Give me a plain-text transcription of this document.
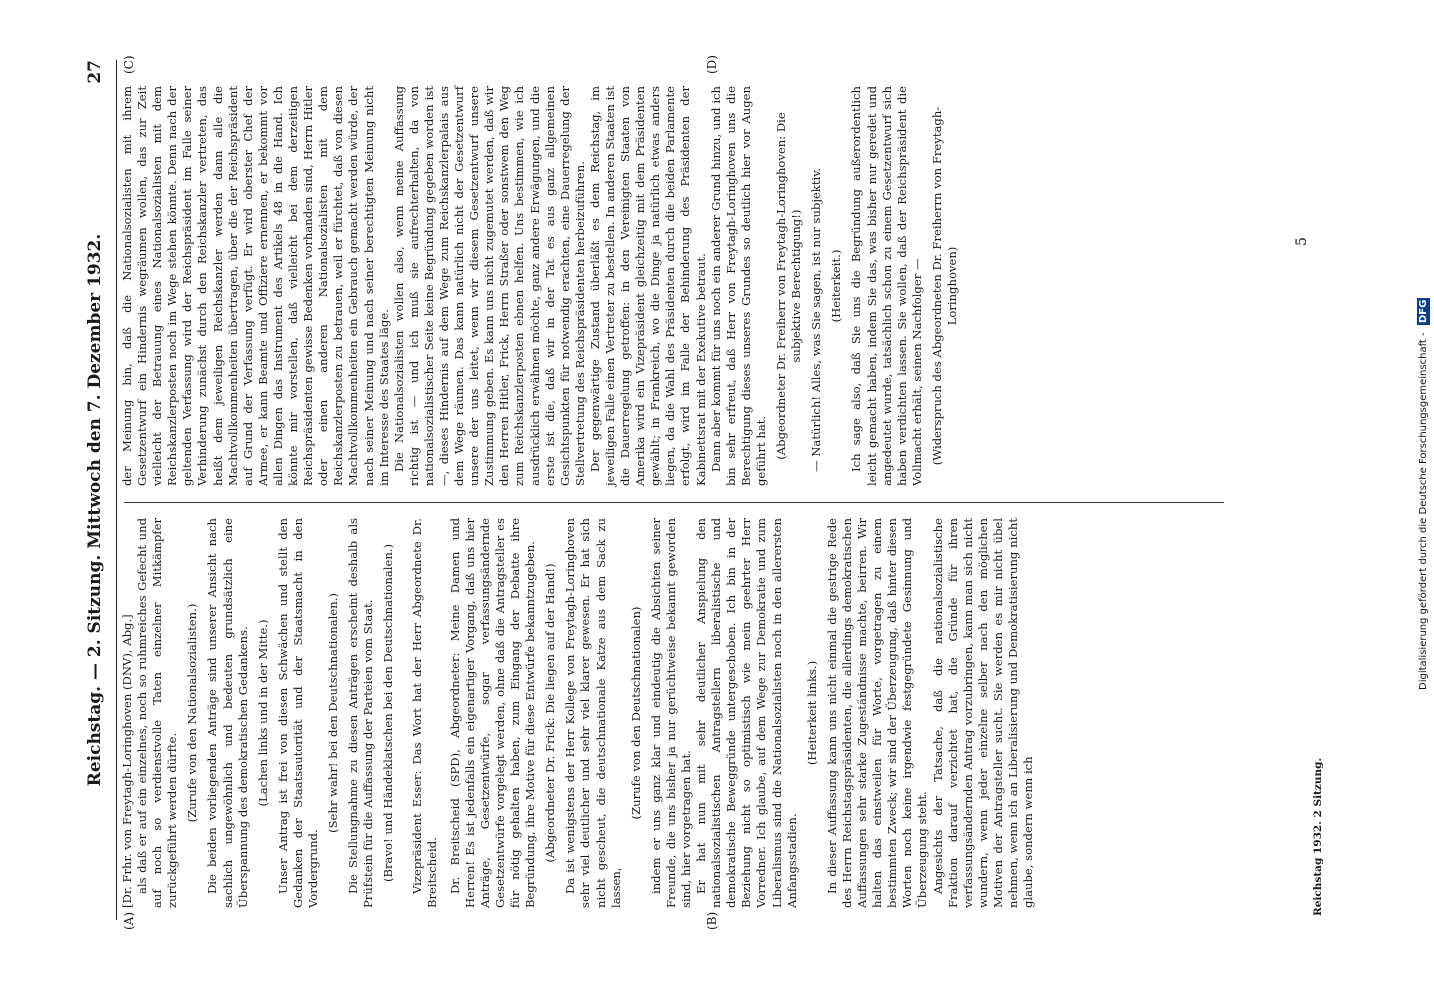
Reichstag. — 2. Sitzung. Mittwoch den 7. Dezember 1932.
27
(A)	(B)
(C)	(D)

[Dr. Frhr. von Freytagh-Loringhoven (DNV), Abg.] als daß er auf ein einzelnes, noch so ruhmreiches Gefecht und auf noch so verdienstvolle Taten einzelner Mitkämpfer zurückgeführt werden dürfte. (Zurufe von den Nationalsozialisten.) Die beiden vorliegenden Anträge sind unserer Ansicht nach sachlich ungewöhnlich und bedeuten grundsätzlich eine Überspannung des demokratischen Gedankens. (Lachen links und in der Mitte.) Unser Antrag ist frei von diesen Schwächen und stellt den Gedanken der Staatsautorität und der Staatsmacht in den Vordergrund.

(Sehr wahr! bei den Deutschnationalen.) Die Stellungnahme zu diesen Anträgen erscheint deshalb als Prüfstein für die Auffassung der Parteien vom Staat. (Bravo! und Händeklatschen bei den Deutschnationalen.) Vizepräsident Esser: Das Wort hat der Herr Abgeordnete Dr. Breitscheid. Dr. Breitscheid (SPD), Abgeordneter: Meine Damen und Herren! Es ist jedenfalls ein eigenartiger Vorgang, daß uns hier Anträge, Gesetzentwürfe, sogar verfassungsändernde Gesetzentwürfe vorgelegt werden, ohne daß die Antragsteller es für nötig gehalten haben, zum Eingang der Debatte ihre Begründung, ihre Motive für diese Entwürfe bekanntzugeben. (Abgeordneter Dr. Frick: Die liegen auf der Hand!) Da ist wenigstens der Herr Kollege von Freytagh-Loringhoven sehr viel deutlicher und sehr viel klarer gewesen. Er hat sich nicht gescheut, die deutschnationale Katze aus dem Sack zu lassen,

(Zurufe von den Deutschnationalen) indem er uns ganz klar und eindeutig die Absichten seiner Freunde, die uns bisher ja nur gerüchtweise bekannt geworden sind, hier vorgetragen hat. Er hat nun mit sehr deutlicher Anspielung den nationalsozialistischen Antragstellern liberalistische und demokratische Beweggründe untergeschoben. Ich bin in der Beziehung nicht so optimistisch wie mein geehrter Herr Vorredner. Ich glaube, auf dem Wege zur Demokratie und zum Liberalismus sind die Nationalsozialisten noch in den allerersten Anfangsstadien.

(Heiterkeit links.) In dieser Auffassung kann uns nicht einmal die gestrige Rede des Herrn Reichstagspräsidenten, die allerdings demokratischen Auffassungen sehr starke Zugeständnisse machte, beirren. Wir halten das einstweilen für Worte, vorgetragen zu einem bestimmten Zweck; wir sind der Überzeugung, daß hinter diesen Worten noch keine irgendwie festgegründete Gesinnung und Überzeugung steht. Angesichts der Tatsache, daß die nationalsozialistische Fraktion darauf verzichtet hat, die Gründe für ihren verfassungsändernden Antrag vorzubringen, kann man sich nicht wundern, wenn jeder einzelne selber nach den möglichen Motiven der Antragsteller sucht. Sie werden es mir nicht übel nehmen, wenn ich an Liberalisierung und Demokratisierung nicht glaube, sondern wenn ich

der Meinung bin, daß die Nationalsozialisten mit ihrem Gesetzentwurf ein Hindernis wegräumen wollen, das zur Zeit vielleicht der Betrauung eines Nationalsozialisten mit dem Reichskanzlerposten noch im Wege stehen könnte. Denn nach der geltenden Verfassung wird der Reichspräsident im Falle seiner Verhinderung zunächst durch den Reichskanzler vertreten, das heißt dem jeweiligen Reichskanzler werden dann alle die Machtvollkommenheiten übertragen, über die der Reichspräsident auf Grund der Verfassung verfügt. Er wird oberster Chef der Armee, er kann Beamte und Offiziere ernennen, er bekommt vor allen Dingen das Instrument des Artikels 48 in die Hand. Ich könnte mir vorstellen, daß vielleicht bei dem derzeitigen Reichspräsidenten gewisse Bedenken vorhanden sind, Herrn Hitler oder einen anderen Nationalsozialisten mit dem Reichskanzlerposten zu betrauen, weil er fürchtet, daß von diesen Machtvollkommenheiten ein Gebrauch gemacht werden würde, der nach seiner Meinung und nach seiner berechtigten Meinung nicht im Interesse des Staates läge. Die Nationalsozialisten wollen also, wenn meine Auffassung richtig ist — und ich muß sie aufrechterhalten, da von nationalsozialistischer Seite keine Begründung gegeben worden ist —, dieses Hindernis auf dem Wege zum Reichskanzlerpalais aus dem Wege räumen. Das kann natürlich nicht der Gesetzentwurf unsere der uns leitet, wenn wir diesem Gesetzentwurf unsere Zustimmung geben. Es kann uns nicht zugemutet werden, daß wir den Herren Hitler, Frick, Herrn Straßer oder sonstwem den Weg zum Reichskanzlerposten ebnen helfen. Uns bestimmen, wie ich ausdrücklich erwähnen möchte, ganz andere Erwägungen, und die erste ist die, daß wir in der Tat es aus ganz allgemeinen Gesichtspunkten für notwendig erachten, eine Dauerregelung der Stellvertretung des Reichspräsidenten herbeizuführen. Der gegenwärtige Zustand überläßt es dem Reichstag, im jeweiligen Falle einen Vertreter zu bestellen. In anderen Staaten ist die Dauerregelung getroffen: in den Vereinigten Staaten von Amerika wird ein Vizepräsident gleichzeitig mit dem Präsidenten gewählt; in Frankreich, wo die Dinge ja natürlich etwas anders liegen, da die Wahl des Präsidenten durch die beiden Parlamente erfolgt, wird im Falle der Behinderung des Präsidenten der Kabinettsrat mit der Exekutive betraut. Dann aber kommt für uns noch ein anderer Grund hinzu, und ich bin sehr erfreut, daß Herr von Freytagh-Loringhoven uns die Berechtigung dieses unseres Grundes so deutlich hier vor Augen geführt hat. (Abgeordneter Dr. Freiherr von Freytagh-Loringhoven: Die subjektive Berechtigung!) — Natürlich! Alles, was Sie sagen, ist nur subjektiv. (Heiterkeit.) Ich sage also, daß Sie uns die Begründung außerordentlich leicht gemacht haben, indem Sie das, was bisher nur geredet und angedeutet wurde, tatsächlich schon zu einem Gesetzentwurf sich haben verdichten lassen. Sie wollen, daß der Reichspräsident die Vollmacht erhält, seinen Nachfolger — (Widerspruch des Abgeordneten Dr. Freiherrn von Freytagh-Loringhoven)

5
Reichstag 1932. 2 Sitzung.
Digitalisierung gefördert durch die Deutsche Forschungsgemeinschaft - DFG
